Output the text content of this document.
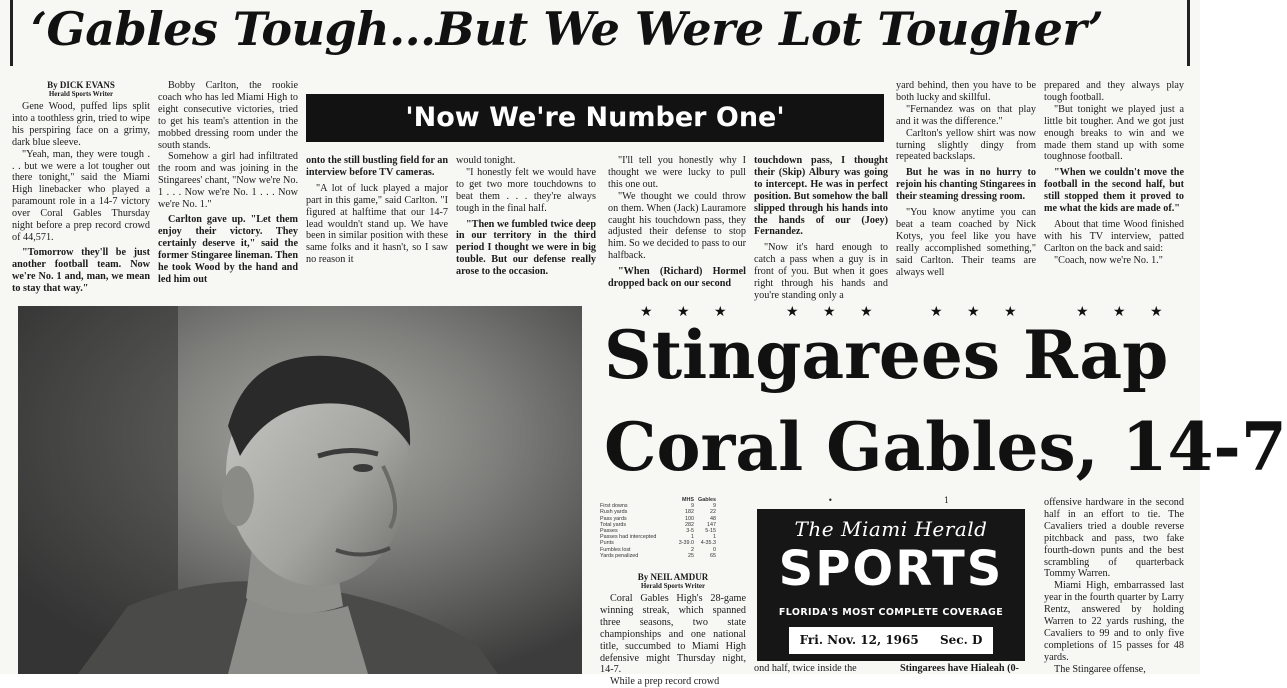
‘Gables Tough...But We Were Lot Tougher’

By DICK EVANS

Herald Sports Writer

Gene Wood, puffed lips split into a toothless grin, tried to wipe his perspiring face on a grimy, dark blue sleeve.

"Yeah, man, they were tough . . . but we were a lot tougher out there tonight," said the Miami High linebacker who played a paramount role in a 14-7 victory over Coral Gables Thursday night before a prep record crowd of 44,571.

"Tomorrow they'll be just another football team. Now we're No. 1 and, man, we mean to stay that way."

Bobby Carlton, the rookie coach who has led Miami High to eight consecutive victories, tried to get his team's attention in the mobbed dressing room under the south stands.

Somehow a girl had infiltrated the room and was joining in the Stingarees' chant, "Now we're No. 1 . . . Now we're No. 1 . . . Now we're No. 1."

Carlton gave up. "Let them enjoy their victory. They certainly deserve it," said the former Stingaree lineman. Then he took Wood by the hand and led him out

'Now We're Number One'

onto the still bustling field for an interview before TV cameras.

"A lot of luck played a major part in this game," said Carlton. "I figured at halftime that our 14-7 lead wouldn't stand up. We have been in similar position with these same folks and it hasn't, so I saw no reason it

would tonight.

"I honestly felt we would have to get two more touchdowns to beat them . . . they're always tough in the final half.

"Then we fumbled twice deep in our territory in the third period I thought we were in big touble. But our defense really arose to the occasion.

"I'll tell you honestly why I thought we were lucky to pull this one out.

"We thought we could throw on them. When (Jack) Lauramore caught his touchdown pass, they adjusted their defense to stop him. So we decided to pass to our halfback.

"When (Richard) Hormel dropped back on our second

touchdown pass, I thought their (Skip) Albury was going to intercept. He was in perfect position. But somehow the ball slipped through his hands into the hands of our (Joey) Fernandez.

"Now it's hard enough to catch a pass when a guy is in front of you. But when it goes right through his hands and you're standing only a

yard behind, then you have to be both lucky and skillful.

"Fernandez was on that play and it was the difference."

Carlton's yellow shirt was now turning slightly dingy from repeated backslaps.

But he was in no hurry to rejoin his chanting Stingarees in their steaming dressing room.

"You know anytime you can beat a team coached by Nick Kotys, you feel like you have really accomplished something," said Carlton. Their teams are always well

prepared and they always play tough football.

"But tonight we played just a little bit tougher. And we got just enough breaks to win and we made them stand up with some toughnose football.

"When we couldn't move the football in the second half, but still stopped them it proved to me what the kids are made of."

About that time Wood finished with his TV interview, patted Carlton on the back and said:

"Coach, now we're No. 1."

★ ★ ★	★ ★ ★	★ ★ ★	★ ★ ★
Stingarees Rap
Coral Gables, 14-7
MHS Gables
First downs	9	9
Rush yards	182	22
Pass yards	100	48
Total yards	282	147
Passes	3-5	5-15
Passes had intercepted	1	1
Punts	3-39.0	4-35.3
Fumbles lost	2	0
Yards penalized	25	65

By NEIL AMDUR

Herald Sports Writer

Coral Gables High's 28-game winning streak, which spanned three seasons, two state championships and one national title, succumbed to Miami High defensive might Thursday night, 14-7.

While a prep record crowd

•	1
The Miami Herald
SPORTS
FLORIDA'S MOST COMPLETE COVERAGE
Fri. Nov. 12, 1965 Sec. D

ond half, twice inside the	Stingarees have Hialeah (0-

offensive hardware in the second half in an effort to tie. The Cavaliers tried a double reverse pitchback and pass, two fake fourth-down punts and the best scrambling of quarterback Tommy Warren.

Miami High, embarrassed last year in the fourth quarter by Larry Rentz, answered by holding Warren to 22 yards rushing, the Cavaliers to 99 and to only five completions of 15 passes for 48 yards.

The Stingaree offense,
